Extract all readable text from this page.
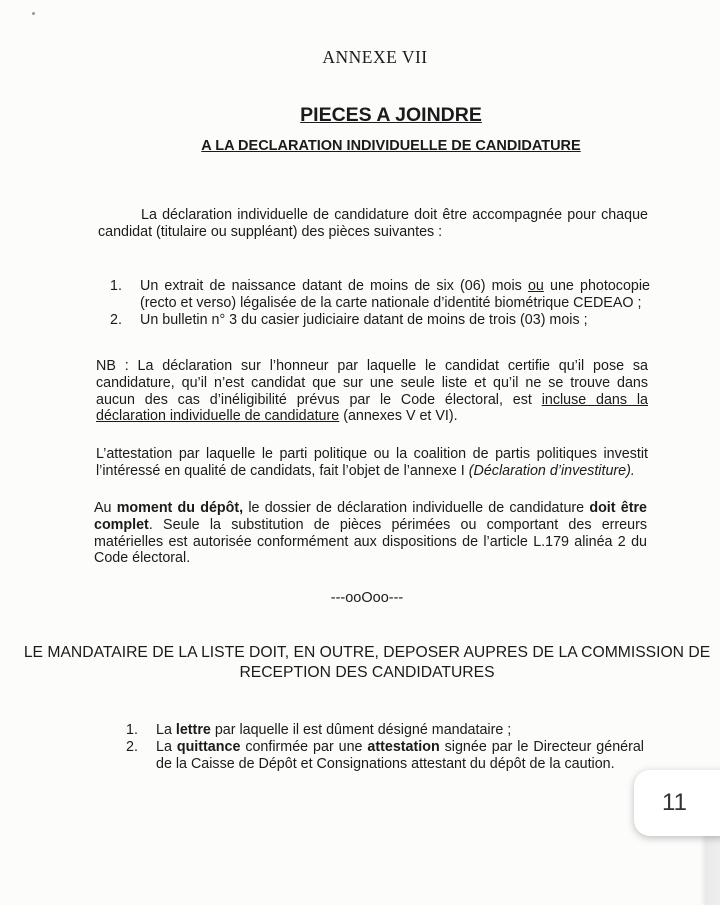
ANNEXE VII
PIECES A JOINDRE
A LA DECLARATION INDIVIDUELLE DE CANDIDATURE
La déclaration individuelle de candidature doit être accompagnée pour chaque candidat (titulaire ou suppléant) des pièces suivantes :
1. Un extrait de naissance datant de moins de six (06) mois ou une photocopie (recto et verso) légalisée de la carte nationale d’identité biométrique CEDEAO ;
2. Un bulletin n° 3 du casier judiciaire datant de moins de trois (03) mois ;
NB : La déclaration sur l’honneur par laquelle le candidat certifie qu’il pose sa candidature, qu’il n’est candidat que sur une seule liste et qu’il ne se trouve dans aucun des cas d’inéligibilité prévus par le Code électoral, est incluse dans la déclaration individuelle de candidature (annexes V et VI).
L’attestation par laquelle le parti politique ou la coalition de partis politiques investit l’intéressé en qualité de candidats, fait l’objet de l’annexe I (Déclaration d’investiture).
Au moment du dépôt, le dossier de déclaration individuelle de candidature doit être complet. Seule la substitution de pièces périmées ou comportant des erreurs matérielles est autorisée conformément aux dispositions de l’article L.179 alinéa 2 du Code électoral.
---ooOoo---
LE MANDATAIRE DE LA LISTE DOIT, EN OUTRE, DEPOSER AUPRES DE LA COMMISSION DE RECEPTION DES CANDIDATURES
1. La lettre par laquelle il est dûment désigné mandataire ;
2. La quittance confirmée par une attestation signée par le Directeur général de la Caisse de Dépôt et Consignations attestant du dépôt de la caution.
11
